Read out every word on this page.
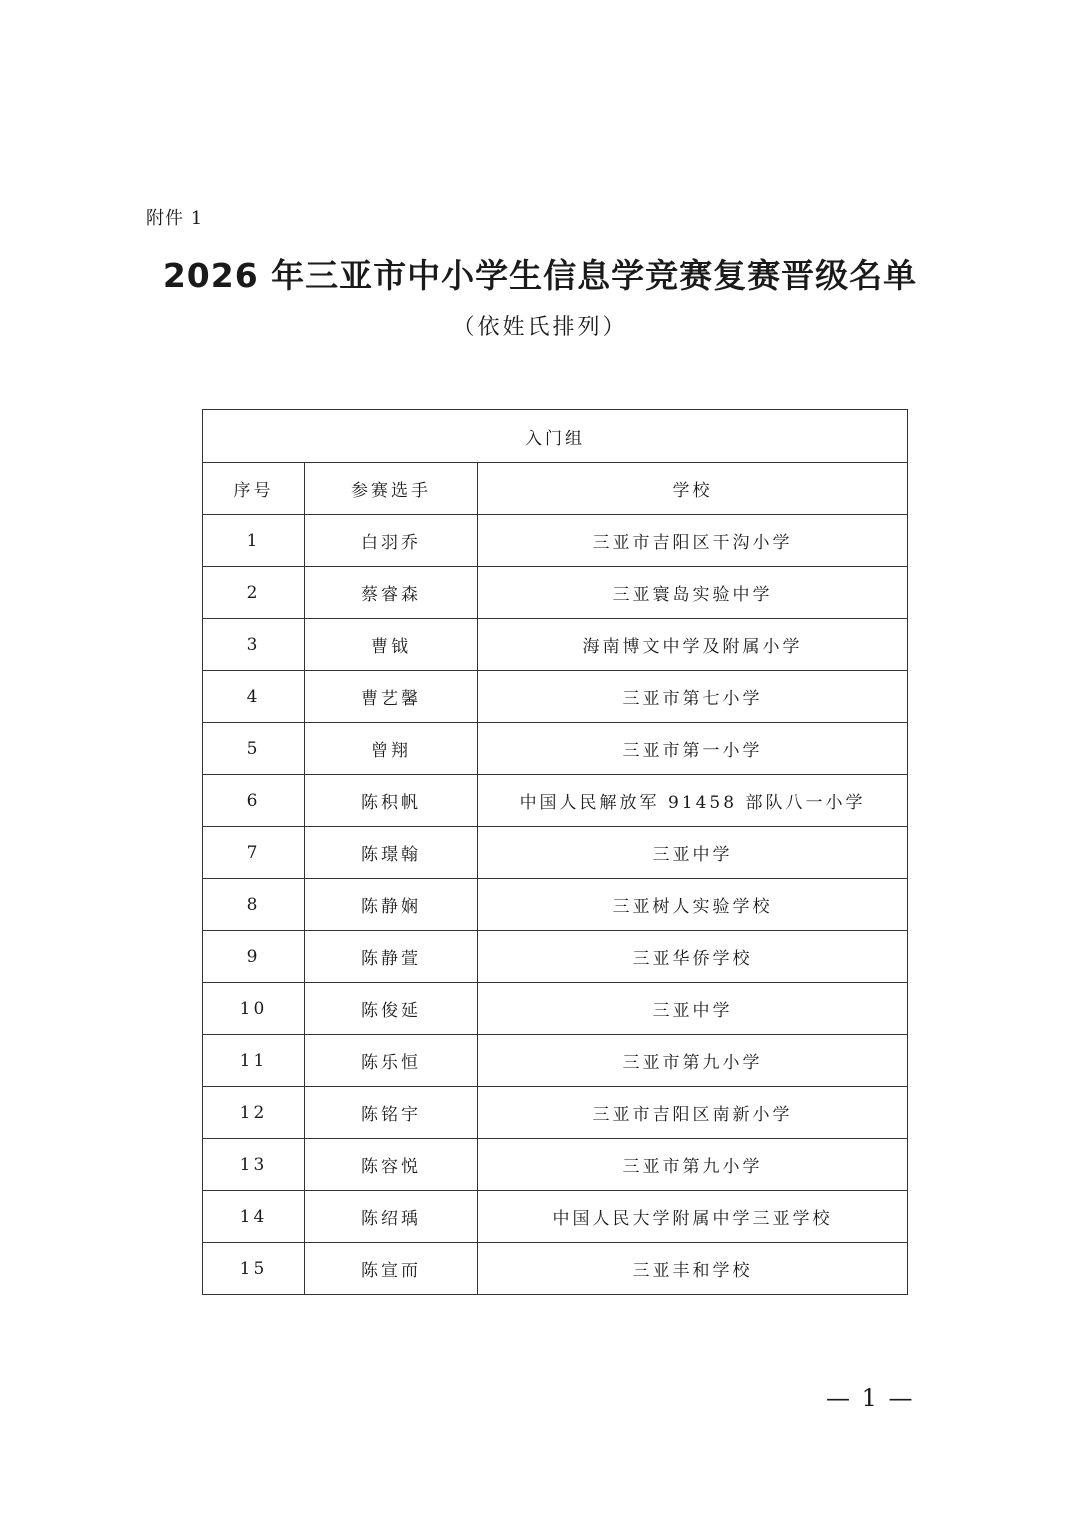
附件 1
2026 年三亚市中小学生信息学竞赛复赛晋级名单
（依姓氏排列）
入门组		
序号	参赛选手	学校
1	白羽乔	三亚市吉阳区干沟小学
2	蔡睿森	三亚寰岛实验中学
3	曹钺	海南博文中学及附属小学
4	曹艺馨	三亚市第七小学
5	曾翔	三亚市第一小学
6	陈积帆	中国人民解放军 91458 部队八一小学
7	陈璟翰	三亚中学
8	陈静娴	三亚树人实验学校
9	陈静萱	三亚华侨学校
10	陈俊延	三亚中学
11	陈乐恒	三亚市第九小学
12	陈铭宇	三亚市吉阳区南新小学
13	陈容悦	三亚市第九小学
14	陈绍瑀	中国人民大学附属中学三亚学校
15	陈宣而	三亚丰和学校
— 1 —
